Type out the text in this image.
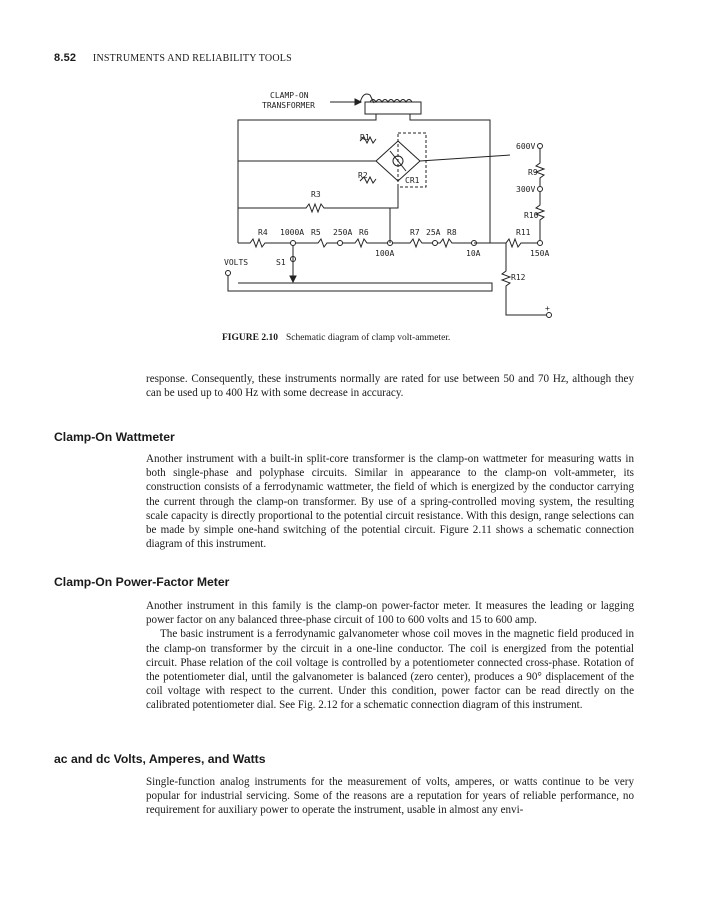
8.52 INSTRUMENTS AND RELIABILITY TOOLS
CLAMP-ON
TRANSFORMER
R1
R2
CR1
R3
R4 1000A R5 250A R6	R7 25A R8
100A	10A
R11
150A
600V
R9
300V
R10
R12
+
VOLTS	S1
FIGURE 2.10 Schematic diagram of clamp volt-ammeter.

response. Consequently, these instruments normally are rated for use between 50 and 70 Hz, although they can be used up to 400 Hz with some decrease in accuracy.

Clamp-On Wattmeter

Another instrument with a built-in split-core transformer is the clamp-on wattmeter for measuring watts in both single-phase and polyphase circuits. Similar in appearance to the clamp-on volt-ammeter, its construction consists of a ferrodynamic wattmeter, the field of which is energized by the conductor carrying the current through the clamp-on transformer. By use of a spring-controlled moving system, the resulting scale capacity is directly proportional to the potential circuit resistance. With this design, range selections can be made by simple one-hand switching of the potential circuit. Figure 2.11 shows a schematic connection diagram of this instrument.

Clamp-On Power-Factor Meter

Another instrument in this family is the clamp-on power-factor meter. It measures the leading or lagging power factor on any balanced three-phase circuit of 100 to 600 volts and 15 to 600 amp.

The basic instrument is a ferrodynamic galvanometer whose coil moves in the magnetic field produced in the clamp-on transformer by the circuit in a one-line conductor. The coil is energized from the potential circuit. Phase relation of the coil voltage is controlled by a potentiometer connected cross-phase. Rotation of the potentiometer dial, until the galvanometer is balanced (zero center), produces a 90° displacement of the coil voltage with respect to the current. Under this condition, power factor can be read directly on the calibrated potentiometer dial. See Fig. 2.12 for a schematic connection diagram of this instrument.

ac and dc Volts, Amperes, and Watts

Single-function analog instruments for the measurement of volts, amperes, or watts continue to be very popular for industrial servicing. Some of the reasons are a reputation for years of reliable performance, no requirement for auxiliary power to operate the instrument, usable in almost any envi-
